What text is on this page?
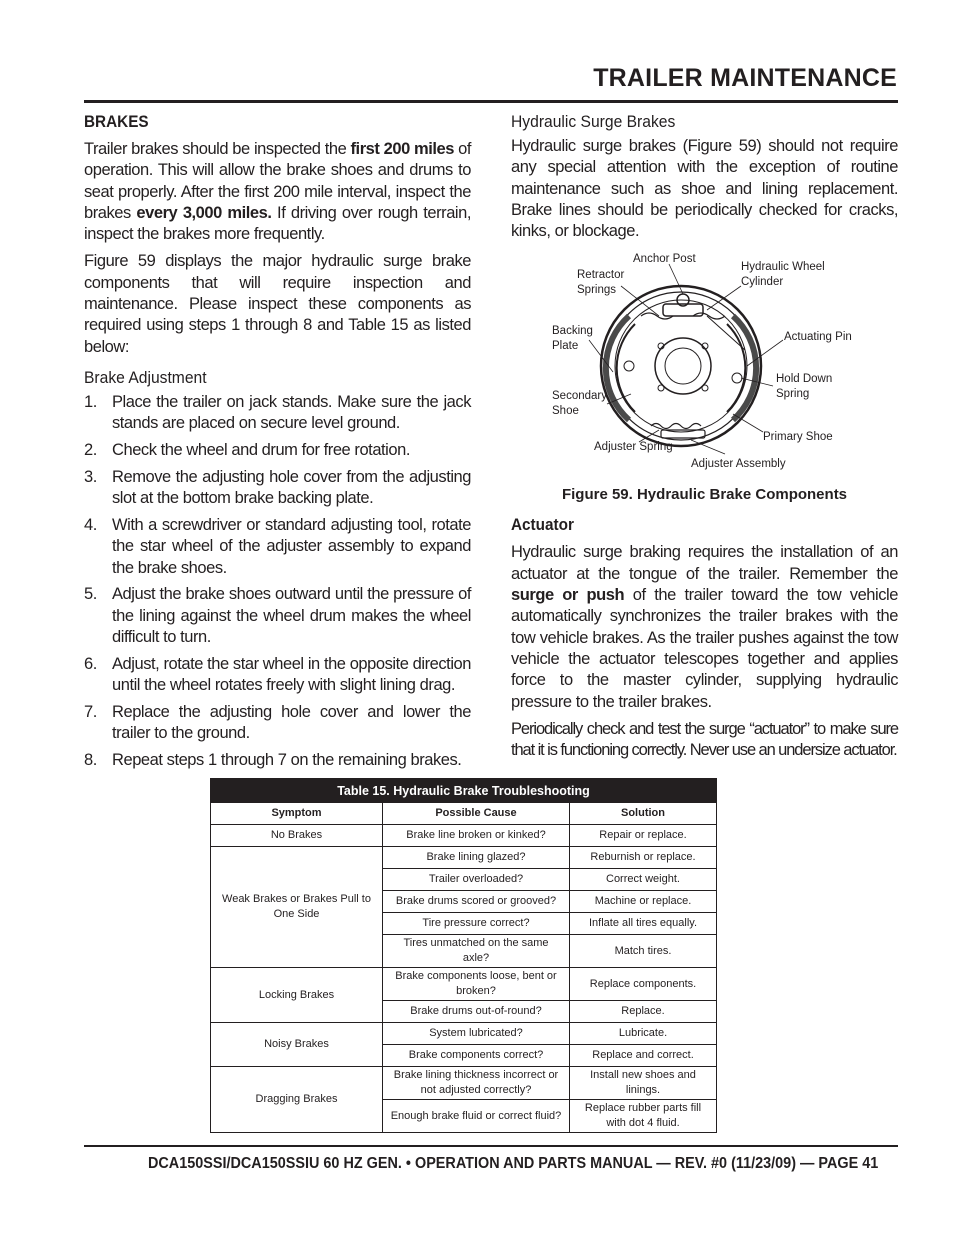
TRAILER MAINTENANCE
BRAKES

Trailer brakes should be inspected the first 200 miles of operation. This will allow the brake shoes and drums to seat properly. After the first 200 mile interval, inspect the brakes every 3,000 miles. If driving over rough terrain, inspect the brakes more frequently.

Figure 59 displays the major hydraulic surge brake components that will require inspection and maintenance. Please inspect these components as required using steps 1 through 8 and Table 15 as listed below:

Brake Adjustment
1. Place the trailer on jack stands. Make sure the jack stands are placed on secure level ground.
2. Check the wheel and drum for free rotation.
3. Remove the adjusting hole cover from the adjusting slot at the bottom brake backing plate.
4. With a screwdriver or standard adjusting tool, rotate the star wheel of the adjuster assembly to expand the brake shoes.
5. Adjust the brake shoes outward until the pressure of the lining against the wheel drum makes the wheel difficult to turn.
6. Adjust, rotate the star wheel in the opposite direction until the wheel rotates freely with slight lining drag.
7. Replace the adjusting hole cover and lower the trailer to the ground.
8. Repeat steps 1 through 7 on the remaining brakes.
Hydraulic Surge Brakes

Hydraulic surge brakes (Figure 59) should not require any special attention with the exception of routine maintenance such as shoe and lining replacement. Brake lines should be periodically checked for cracks, kinks, or blockage.

Anchor Post
Retractor
Springs
Hydraulic Wheel
Cylinder
Backing
Plate
Actuating Pin
Hold Down
Spring
Secondary
Shoe
Primary Shoe
Adjuster Spring
Adjuster Assembly
Figure 59. Hydraulic Brake Components
Actuator

Hydraulic surge braking requires the installation of an actuator at the tongue of the trailer. Remember the surge or push of the trailer toward the tow vehicle automatically synchronizes the trailer brakes with the tow vehicle brakes. As the trailer pushes against the tow vehicle the actuator telescopes together and applies force to the master cylinder, supplying hydraulic pressure to the trailer brakes.

Periodically check and test the surge “actuator” to make sure that it is functioning correctly. Never use an undersize actuator.

Table 15. Hydraulic Brake Troubleshooting		
Symptom	Possible Cause	Solution
No Brakes	Brake line broken or kinked?	Repair or replace.
Weak Brakes or Brakes Pull to One Side	Brake lining glazed?	Reburnish or replace.
	Trailer overloaded?	Correct weight.
	Brake drums scored or grooved?	Machine or replace.
	Tire pressure correct?	Inflate all tires equally.
	Tires unmatched on the same axle?	Match tires.
Locking Brakes	Brake components loose, bent or broken?	Replace components.
	Brake drums out-of-round?	Replace.
Noisy Brakes	System lubricated?	Lubricate.
	Brake components correct?	Replace and correct.
Dragging Brakes	Brake lining thickness incorrect or not adjusted correctly?	Install new shoes and linings.
	Enough brake fluid or correct fluid?	Replace rubber parts fill with dot 4 fluid.
DCA150SSI/DCA150SSIU 60 HZ GEN. • OPERATION AND PARTS MANUAL — REV. #0 (11/23/09) — PAGE 41
